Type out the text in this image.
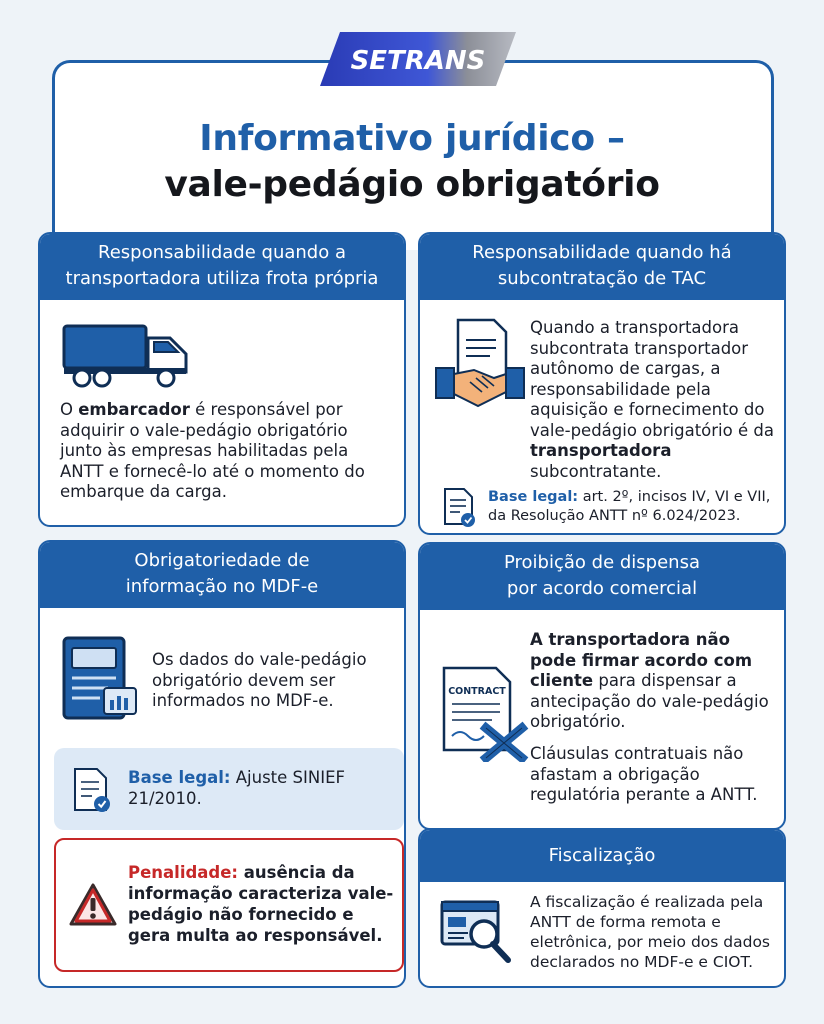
SETRANS
Informativo jurídico –
vale-pedágio obrigatório
Responsabilidade quando a
transportadora utiliza frota própria

O embarcador é responsável por adquirir o vale-pedágio obrigatório junto às empresas habilitadas pela ANTT e fornecê-lo até o momento do embarque da carga.

Responsabilidade quando há
subcontratação de TAC

Quando a transportadora subcontrata transportador autônomo de cargas, a responsabilidade pela aquisição e fornecimento do vale-pedágio obrigatório é da transportadora subcontratante.

Base legal: art. 2º, incisos IV, VI e VII, da Resolução ANTT nº 6.024/2023.

Obrigatoriedade de
informação no MDF-e

Os dados do vale-pedágio obrigatório devem ser informados no MDF-e.

Base legal: Ajuste SINIEF 21/2010.

Penalidade: ausência da informação caracteriza vale-pedágio não fornecido e gera multa ao responsável.

Proibição de dispensa
por acordo comercial
CONTRACT

A transportadora não pode firmar acordo com cliente para dispensar a antecipação do vale-pedágio obrigatório.

Cláusulas contratuais não afastam a obrigação regulatória perante a ANTT.

Fiscalização

A fiscalização é realizada pela ANTT de forma remota e eletrônica, por meio dos dados declarados no MDF-e e CIOT.
